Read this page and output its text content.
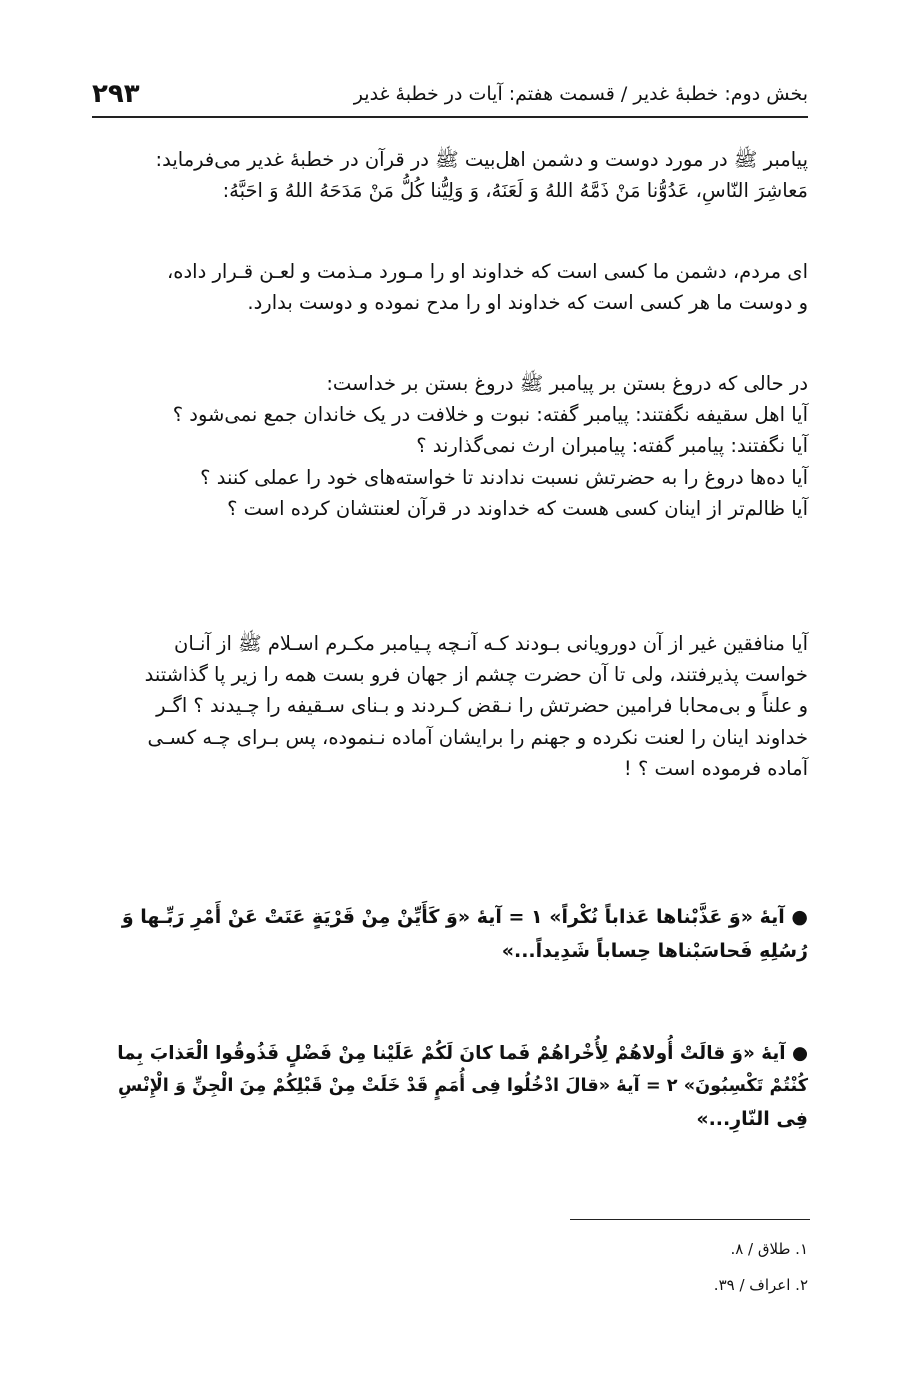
بخش دوم: خطبهٔ غدیر / قسمت هفتم: آیات در خطبهٔ غدیر
۲۹۳
پیامبر ﷺ در مورد دوست و دشمن اهل‌بیت ﷺ در قرآن در خطبهٔ غدیر می‌فرماید:
مَعاشِرَ النّاسِ، عَدُوُّنا مَنْ ذَمَّهُ اللهُ وَ لَعَنَهُ، وَ وَلِیُّنا کُلُّ مَنْ مَدَحَهُ اللهُ وَ احَبَّهُ:
ای مردم، دشمن ما کسی است که خداوند او را مـورد مـذمت و لعـن قـرار داده،
و دوست ما هر کسی است که خداوند او را مدح نموده و دوست بدارد.
در حالی که دروغ بستن بر پیامبر ﷺ دروغ بستن بر خداست:
آیا اهل سقیفه نگفتند: پیامبر گفته: نبوت و خلافت در یک خاندان جمع نمی‌شود ؟
آیا نگفتند: پیامبر گفته: پیامبران ارث نمی‌گذارند ؟
آیا ده‌ها دروغ را به حضرتش نسبت ندادند تا خواسته‌های خود را عملی کنند ؟
آیا ظالم‌تر از اینان کسی هست که خداوند در قرآن لعنتشان کرده است ؟
آیا منافقین غیر از آن دورویانی بـودند کـه آنـچه پـیامبر مکـرم اسـلام ﷺ از آنـان
خواست پذیرفتند، ولی تا آن حضرت چشم از جهان فرو بست همه را زیر پا گذاشتند
و علناً و بی‌محابا فرامین حضرتش را نـقض کـردند و بـنای سـقیفه را چـیدند ؟ اگـر
خداوند اینان را لعنت نکرده و جهنم را برایشان آماده نـنموده، پس بـرای چـه کسـی
آماده فرموده است ؟ !
● آیهٔ «وَ عَذَّبْناها عَذاباً نُکْراً» ۱ = آیهٔ «وَ کَأَیِّنْ مِنْ قَرْیَةٍ عَتَتْ عَنْ أَمْرِ رَبِّـها وَ
رُسُلِهِ فَحاسَبْناها حِساباً شَدِیداً...»
● آیهٔ «وَ قالَتْ أُولاهُمْ لِأُخْراهُمْ فَما کانَ لَکُمْ عَلَیْنا مِنْ فَضْلٍ فَذُوقُوا الْعَذابَ بِما
کُنْتُمْ تَکْسِبُونَ» ۲ = آیهٔ «قالَ ادْخُلُوا فِی أُمَمٍ قَدْ خَلَتْ مِنْ قَبْلِکُمْ مِنَ الْجِنِّ وَ الْإِنْسِ
فِی النّارِ...»
۱. طلاق / ۸.
۲. اعراف / ۳۹.
